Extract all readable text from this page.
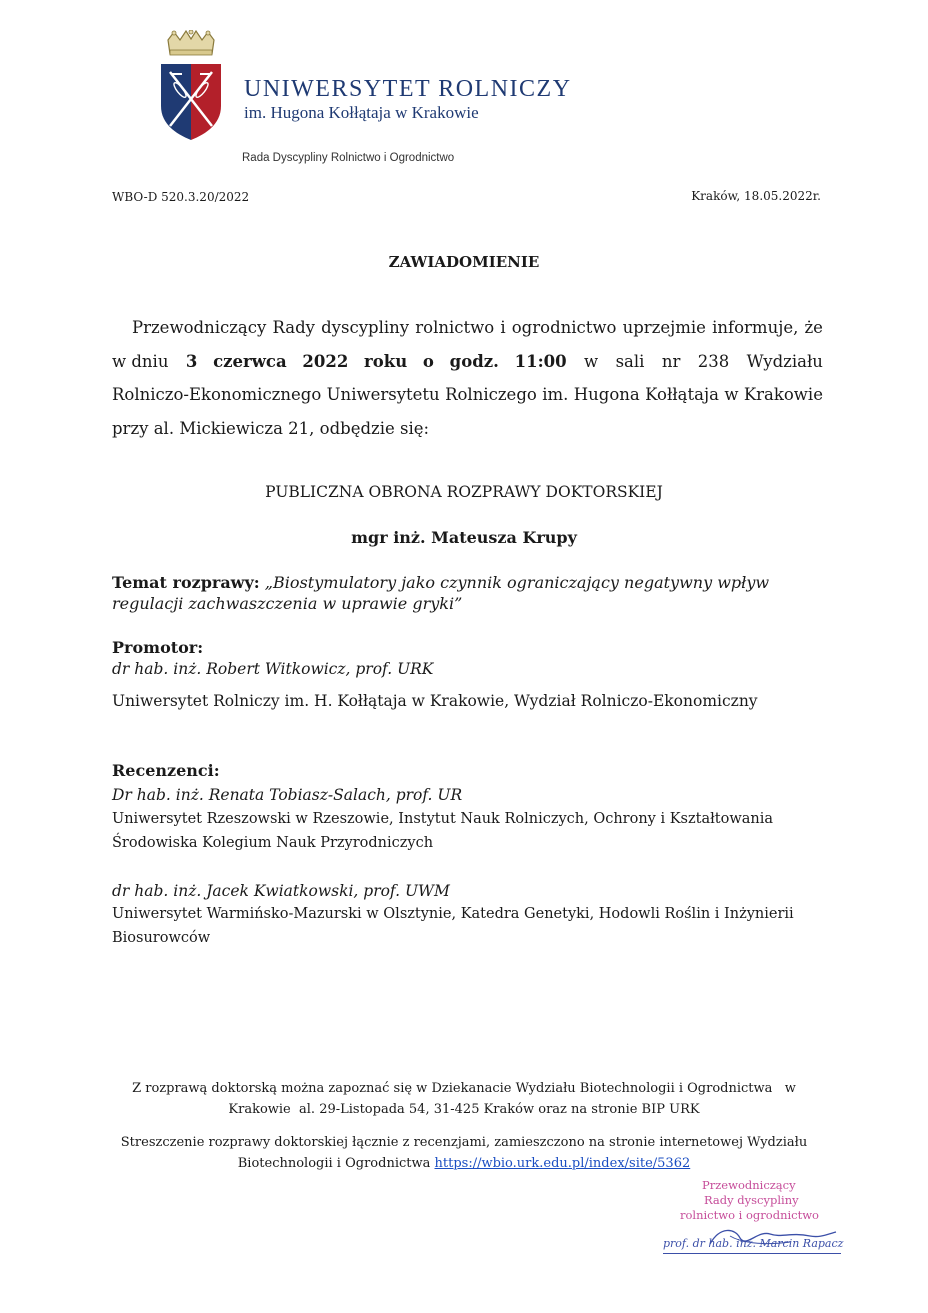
UNIWERSYTET ROLNICZY
im. Hugona Kołłątaja w Krakowie
Rada Dyscypliny Rolnictwo i Ogrodnictwo
WBO-D 520.3.20/2022	Kraków, 18.05.2022r.
ZAWIADOMIENIE
Przewodniczący Rady dyscypliny rolnictwo i ogrodnictwo uprzejmie informuje, że
w dniu 3 czerwca 2022 roku o godz. 11:00 w sali nr 238 Wydziału
Rolniczo-Ekonomicznego Uniwersytetu Rolniczego im. Hugona Kołłątaja w Krakowie
przy al. Mickiewicza 21, odbędzie się:
PUBLICZNA OBRONA ROZPRAWY DOKTORSKIEJ
mgr inż. Mateusza Krupy
Temat rozprawy: „Biostymulatory jako czynnik ograniczający negatywny wpływ regulacji zachwaszczenia w uprawie gryki”
Promotor:
dr hab. inż. Robert Witkowicz, prof. URK
Uniwersytet Rolniczy im. H. Kołłątaja w Krakowie, Wydział Rolniczo-Ekonomiczny
Recenzenci:
Dr hab. inż. Renata Tobiasz-Salach, prof. UR
Uniwersytet Rzeszowski w Rzeszowie, Instytut Nauk Rolniczych, Ochrony i Kształtowania
Środowiska Kolegium Nauk Przyrodniczych
dr hab. inż. Jacek Kwiatkowski, prof. UWM
Uniwersytet Warmińsko-Mazurski w Olsztynie, Katedra Genetyki, Hodowli Roślin i Inżynierii
Biosurowców
Z rozprawą doktorską można zapoznać się w Dziekanacie Wydziału Biotechnologii i Ogrodnictwa   w
Krakowie  al. 29-Listopada 54, 31-425 Kraków oraz na stronie BIP URK
Streszczenie rozprawy doktorskiej łącznie z recenzjami, zamieszczono na stronie internetowej Wydziału
Biotechnologii i Ogrodnictwa https://wbio.urk.edu.pl/index/site/5362
Przewodniczący
Rady dyscypliny
rolnictwo i ogrodnictwo
prof. dr hab. inż. Marcin Rapacz
